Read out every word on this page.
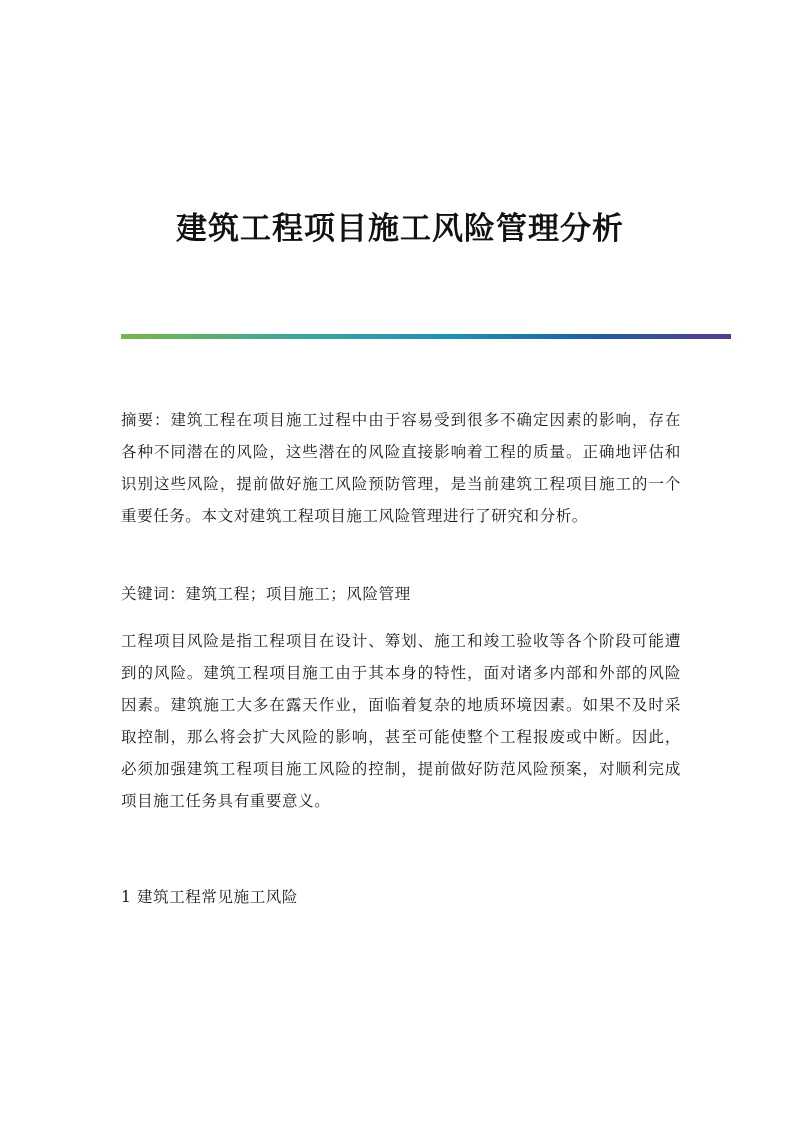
建筑工程项目施工风险管理分析

摘要：建筑工程在项目施工过程中由于容易受到很多不确定因素的影响，存在各种不同潜在的风险，这些潜在的风险直接影响着工程的质量。正确地评估和识别这些风险，提前做好施工风险预防管理，是当前建筑工程项目施工的一个重要任务。本文对建筑工程项目施工风险管理进行了研究和分析。

关键词：建筑工程；项目施工；风险管理

工程项目风险是指工程项目在设计、筹划、施工和竣工验收等各个阶段可能遭到的风险。建筑工程项目施工由于其本身的特性，面对诸多内部和外部的风险因素。建筑施工大多在露天作业，面临着复杂的地质环境因素。如果不及时采取控制，那么将会扩大风险的影响，甚至可能使整个工程报废或中断。因此，必须加强建筑工程项目施工风险的控制，提前做好防范风险预案，对顺利完成项目施工任务具有重要意义。

1 建筑工程常见施工风险
